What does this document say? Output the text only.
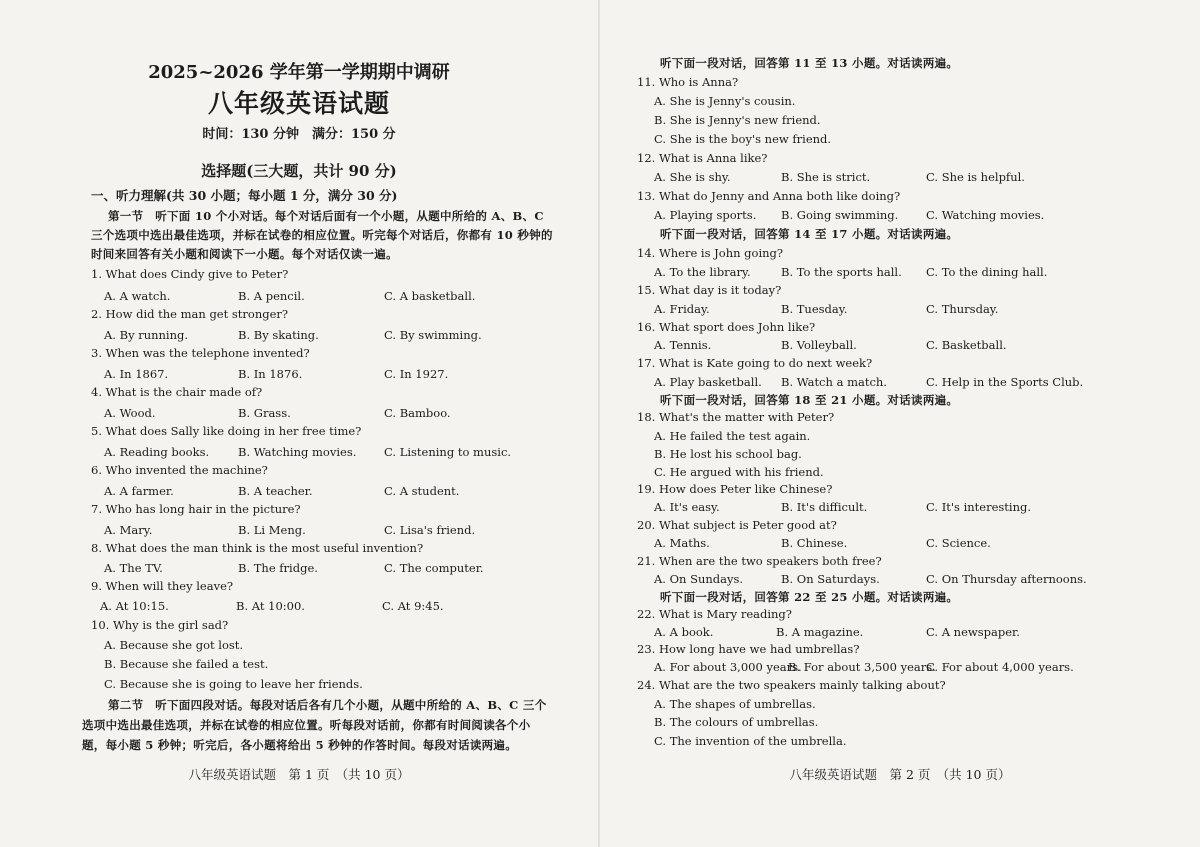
2025~2026 学年第一学期期中调研
八年级英语试题
时间：130 分钟　满分：150 分
选择题(三大题，共计 90 分)
一、听力理解(共 30 小题；每小题 1 分，满分 30 分)
第一节　听下面 10 个小对话。每个对话后面有一个小题，从题中所给的 A、B、C
三个选项中选出最佳选项，并标在试卷的相应位置。听完每个对话后，你都有 10 秒钟的
时间来回答有关小题和阅读下一小题。每个对话仅读一遍。
1. What does Cindy give to Peter?
A. A watch.	B. A pencil.	C. A basketball.
2. How did the man get stronger?
A. By running.	B. By skating.	C. By swimming.
3. When was the telephone invented?
A. In 1867.	B. In 1876.	C. In 1927.
4. What is the chair made of?
A. Wood.	B. Grass.	C. Bamboo.
5. What does Sally like doing in her free time?
A. Reading books.	B. Watching movies. C. Listening to music.
6. Who invented the machine?
A. A farmer.	B. A teacher.	C. A student.
7. Who has long hair in the picture?
A. Mary.	B. Li Meng.	C. Lisa's friend.
8. What does the man think is the most useful invention?
A. The TV.	B. The fridge.	C. The computer.
9. When will they leave?
A. At 10:15.	B. At 10:00.	C. At 9:45.
10. Why is the girl sad?
A. Because she got lost.
B. Because she failed a test.
C. Because she is going to leave her friends.
第二节　听下面四段对话。每段对话后各有几个小题，从题中所给的 A、B、C 三个
选项中选出最佳选项，并标在试卷的相应位置。听每段对话前，你都有时间阅读各个小
题，每小题 5 秒钟；听完后，各小题将给出 5 秒钟的作答时间。每段对话读两遍。
八年级英语试题　第 1 页　（共 10 页）
听下面一段对话，回答第 11 至 13 小题。对话读两遍。
11. Who is Anna?
A. She is Jenny's cousin.
B. She is Jenny's new friend.
C. She is the boy's new friend.
12. What is Anna like?
A. She is shy.	B. She is strict.	C. She is helpful.
13. What do Jenny and Anna both like doing?
A. Playing sports. B. Going swimming. C. Watching movies.
听下面一段对话，回答第 14 至 17 小题。对话读两遍。
14. Where is John going?
A. To the library.	B. To the sports hall. C. To the dining hall.
15. What day is it today?
A. Friday.	B. Tuesday.	C. Thursday.
16. What sport does John like?
A. Tennis.	B. Volleyball.	C. Basketball.
17. What is Kate going to do next week?
A. Play basketball. B. Watch a match.	C. Help in the Sports Club.
听下面一段对话，回答第 18 至 21 小题。对话读两遍。
18. What's the matter with Peter?
A. He failed the test again.
B. He lost his school bag.
C. He argued with his friend.
19. How does Peter like Chinese?
A. It's easy.	B. It's difficult.	C. It's interesting.
20. What subject is Peter good at?
A. Maths.	B. Chinese.	C. Science.
21. When are the two speakers both free?
A. On Sundays.	B. On Saturdays.	C. On Thursday afternoons.
听下面一段对话，回答第 22 至 25 小题。对话读两遍。
22. What is Mary reading?
A. A book.	B. A magazine.	C. A newspaper.
23. How long have we had umbrellas?
A. For about 3,000 years.
B. For about 3,500 years.
C. For about 4,000 years.
24. What are the two speakers mainly talking about?
A. The shapes of umbrellas.
B. The colours of umbrellas.
C. The invention of the umbrella.
八年级英语试题　第 2 页　（共 10 页）
